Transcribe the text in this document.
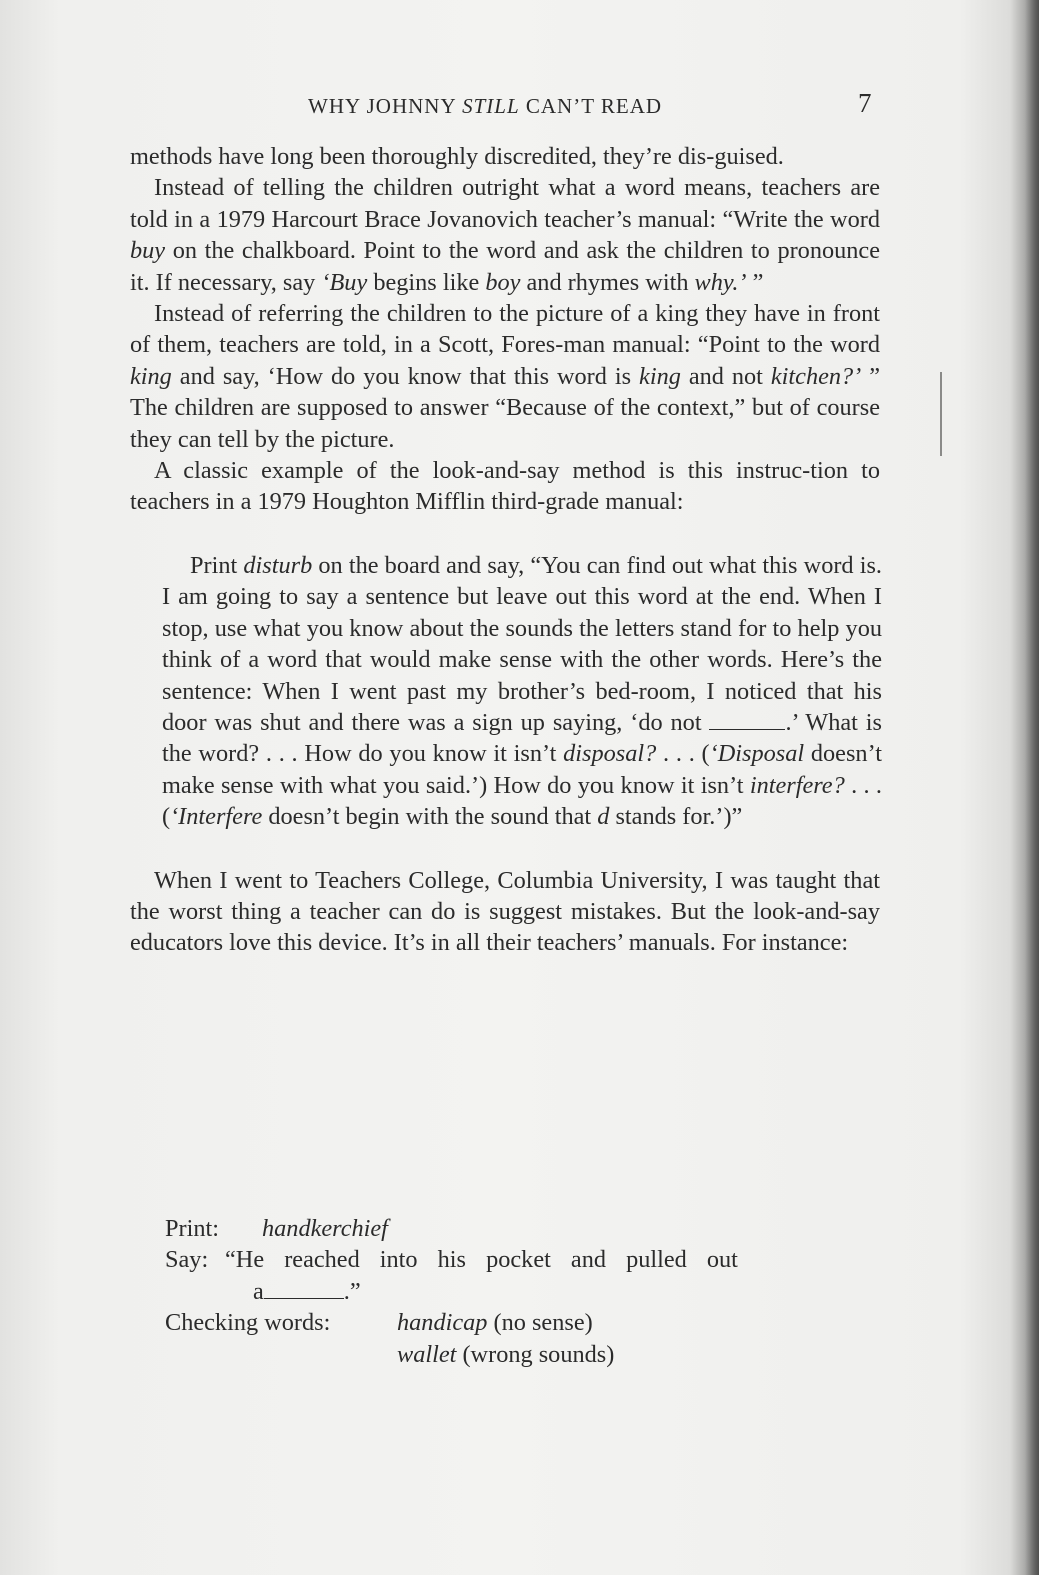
WHY JOHNNY STILL CAN’T READ	7

methods have long been thoroughly discredited, they’re dis-guised.

Instead of telling the children outright what a word means, teachers are told in a 1979 Harcourt Brace Jovanovich teacher’s manual: “Write the word buy on the chalkboard. Point to the word and ask the children to pronounce it. If necessary, say ‘Buy begins like boy and rhymes with why.’ ”

Instead of referring the children to the picture of a king they have in front of them, teachers are told, in a Scott, Fores-man manual: “Point to the word king and say, ‘How do you know that this word is king and not kitchen?’ ” The children are supposed to answer “Because of the context,” but of course they can tell by the picture.

A classic example of the look-and-say method is this instruc-tion to teachers in a 1979 Houghton Mifflin third-grade manual:

Print disturb on the board and say, “You can find out what this word is. I am going to say a sentence but leave out this word at the end. When I stop, use what you know about the sounds the letters stand for to help you think of a word that would make sense with the other words. Here’s the sentence: When I went past my brother’s bed-room, I noticed that his door was shut and there was a sign up saying, ‘do not	.’ What is the word? . . . How do you know it isn’t disposal? . . . (‘Disposal doesn’t make sense with what you said.’) How do you know it isn’t interfere? . . . (‘Interfere doesn’t begin with the sound that d stands for.’)”

When I went to Teachers College, Columbia University, I was taught that the worst thing a teacher can do is suggest mistakes. But the look-and-say educators love this device. It’s in all their teachers’ manuals. For instance:

Print: handkerchief
Say: “He reached into his pocket and pulled out
a	.”
Checking words:	handicap (no sense)
wallet (wrong sounds)
